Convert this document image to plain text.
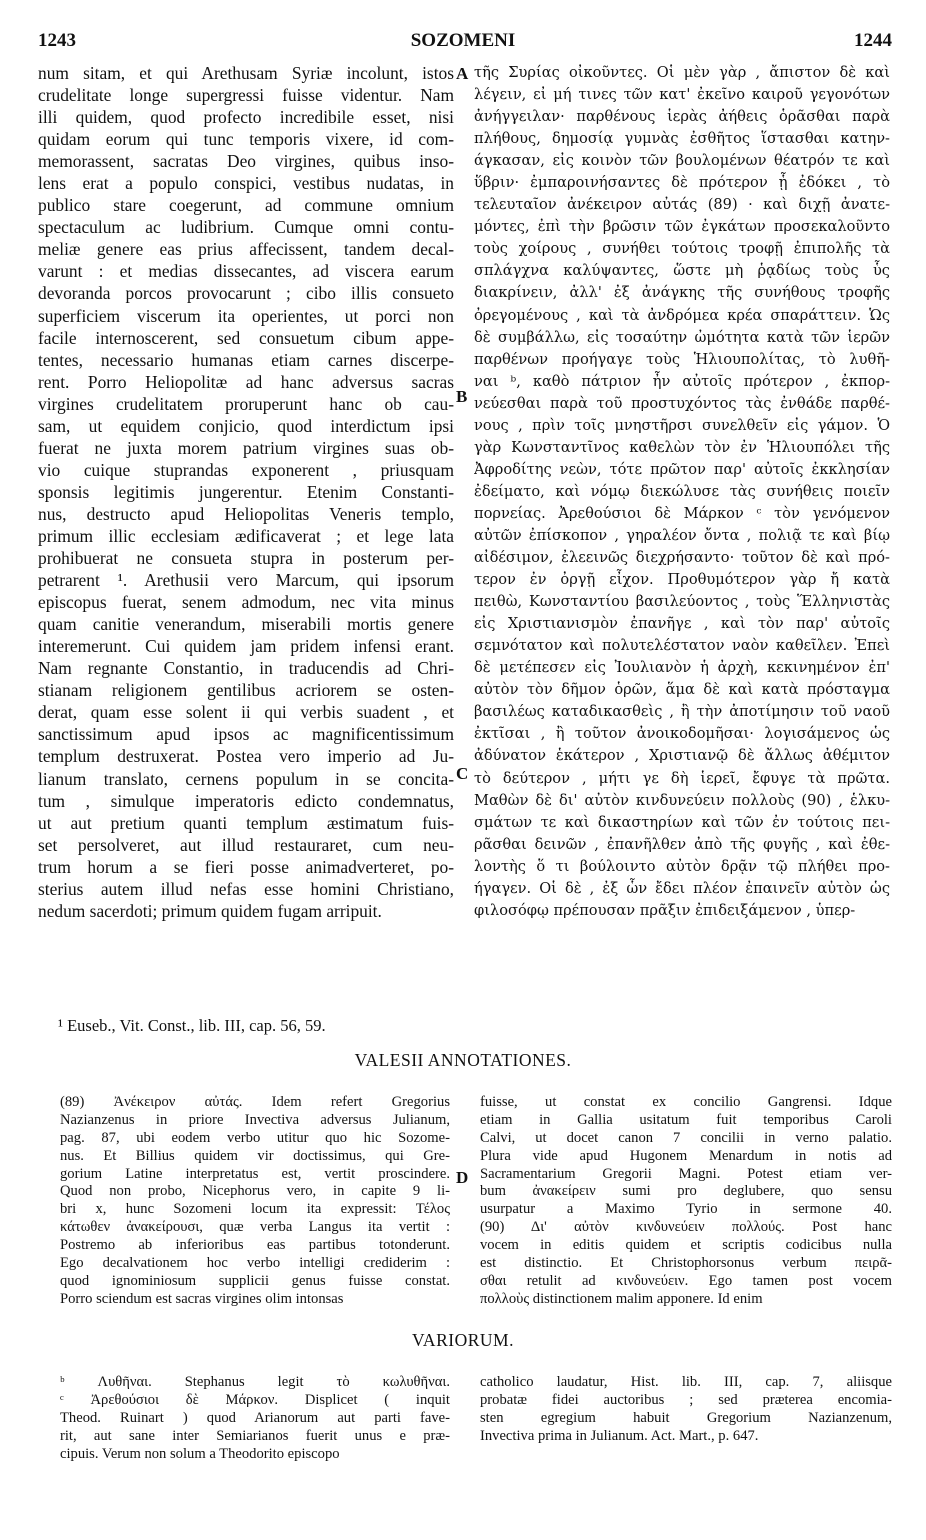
1243	SOZOMENI	1244
num sitam, et qui Arethusam Syriæ incolunt, istos
crudelitate longe supergressi fuisse videntur. Nam
illi quidem, quod profecto incredibile esset, nisi
quidam eorum qui tunc temporis vixere, id com-
memorassent, sacratas Deo virgines, quibus inso-
lens erat a populo conspici, vestibus nudatas, in
publico stare coegerunt, ad commune omnium
spectaculum ac ludibrium. Cumque omni contu-
meliæ genere eas prius affecissent, tandem decal-
varunt : et medias dissecantes, ad viscera earum
devoranda porcos provocarunt ; cibo illis consueto
superficiem viscerum ita operientes, ut porci non
facile internoscerent, sed consuetum cibum appe-
tentes, necessario humanas etiam carnes discerpe-
rent. Porro Heliopolitæ ad hanc adversus sacras
virgines crudelitatem proruperunt hanc ob cau-
sam, ut equidem conjicio, quod interdictum ipsi
fuerat ne juxta morem patrium virgines suas ob-
vio cuique stuprandas exponerent , priusquam
sponsis legitimis jungerentur. Etenim Constanti-
nus, destructo apud Heliopolitas Veneris templo,
primum illic ecclesiam ædificaverat ; et lege lata
prohibuerat ne consueta stupra in posterum per-
petrarent ¹. Arethusii vero Marcum, qui ipsorum
episcopus fuerat, senem admodum, nec vita minus
quam canitie venerandum, miserabili mortis genere
interemerunt. Cui quidem jam pridem infensi erant.
Nam regnante Constantio, in traducendis ad Chri-
stianam religionem gentilibus acriorem se osten-
derat, quam esse solent ii qui verbis suadent , et
sanctissimum apud ipsos ac magnificentissimum
templum destruxerat. Postea vero imperio ad Ju-
lianum translato, cernens populum in se concita-
tum , simulque imperatoris edicto condemnatus,
ut aut pretium quanti templum æstimatum fuis-
set persolveret, aut illud restauraret, cum neu-
trum horum a se fieri posse animadverteret, po-
sterius autem illud nefas esse homini Christiano,
nedum sacerdoti; primum quidem fugam arripuit.
τῆς Συρίας οἰκοῦντες. Οἱ μὲν γὰρ , ἄπιστον δὲ καὶ
λέγειν, εἰ μή τινες τῶν κατ' ἐκεῖνο καιροῦ γεγονότων
ἀνήγγειλαν· παρθένους ἱερὰς ἀήθεις ὁρᾶσθαι παρὰ
πλήθους, δημοσίᾳ γυμνὰς ἐσθῆτος ἵστασθαι κατην-
άγκασαν, εἰς κοινὸν τῶν βουλομένων θέατρόν τε καὶ
ὕβριν· ἐμπαροινήσαντες δὲ πρότερον ᾗ ἐδόκει , τὸ
τελευταῖον ἀνέκειρον αὐτάς (89) · καὶ διχῇ ἀνατε-
μόντες, ἐπὶ τὴν βρῶσιν τῶν ἐγκάτων προσεκαλοῦντο
τοὺς χοίρους , συνήθει τούτοις τροφῇ ἐπιπολῆς τὰ
σπλάγχνα καλύψαντες, ὥστε μὴ ῥᾳδίως τοὺς ὗς
διακρίνειν, ἀλλ' ἐξ ἀνάγκης τῆς συνήθους τροφῆς
ὀρεγομένους , καὶ τὰ ἀνδρόμεα κρέα σπαράττειν. Ὡς
δὲ συμβάλλω, εἰς τοσαύτην ὠμότητα κατὰ τῶν ἱερῶν
παρθένων προήγαγε τοὺς Ἡλιουπολίτας, τὸ λυθῆ-
ναι ᵇ, καθὸ πάτριον ἦν αὐτοῖς πρότερον , ἐκπορ-
νεύεσθαι παρὰ τοῦ προστυχόντος τὰς ἐνθάδε παρθέ-
νους , πρὶν τοῖς μνηστῆρσι συνελθεῖν εἰς γάμον. Ὁ
γὰρ Κωνσταντῖνος καθελὼν τὸν ἐν Ἡλιουπόλει τῆς
Ἀφροδίτης νεὼν, τότε πρῶτον παρ' αὐτοῖς ἐκκλησίαν
ἐδείματο, καὶ νόμῳ διεκώλυσε τὰς συνήθεις ποιεῖν
πορνείας. Ἀρεθούσιοι δὲ Μάρκον ᶜ τὸν γενόμενον
αὐτῶν ἐπίσκοπον , γηραλέον ὄντα , πολιᾷ τε καὶ βίῳ
αἰδέσιμον, ἐλεεινῶς διεχρήσαντο· τοῦτον δὲ καὶ πρό-
τερον ἐν ὀργῇ εἶχον. Προθυμότερον γὰρ ἤ κατὰ
πειθὼ, Κωνσταντίου βασιλεύοντος , τοὺς Ἕλληνιστὰς
εἰς Χριστιανισμὸν ἐπανῆγε , καὶ τὸν παρ' αὐτοῖς
σεμνότατον καὶ πολυτελέστατον ναὸν καθεῖλεν. Ἐπεὶ
δὲ μετέπεσεν εἰς Ἰουλιανὸν ἡ ἀρχὴ, κεκινημένον ἐπ'
αὐτὸν τὸν δῆμον ὁρῶν, ἅμα δὲ καὶ κατὰ πρόσταγμα
βασιλέως καταδικασθεὶς , ἢ τὴν ἀποτίμησιν τοῦ ναοῦ
ἐκτῖσαι , ἢ τοῦτον ἀνοικοδομῆσαι· λογισάμενος ὡς
ἀδύνατον ἑκάτερον , Χριστιανῷ δὲ ἄλλως ἀθέμιτον
τὸ δεύτερον , μήτι γε δὴ ἱερεῖ, ἔφυγε τὰ πρῶτα.
Μαθὼν δὲ δι' αὐτὸν κινδυνεύειν πολλοὺς (90) , ἑλκυ-
σμάτων τε καὶ δικαστηρίων καὶ τῶν ἐν τούτοις πει-
ρᾶσθαι δεινῶν , ἐπανῆλθεν ἀπὸ τῆς φυγῆς , καὶ ἐθε-
λοντὴς ὅ τι βούλοιντο αὐτὸν δρᾷν τῷ πλήθει προ-
ήγαγεν. Οἱ δὲ , ἐξ ὧν ἔδει πλέον ἐπαινεῖν αὐτὸν ὡς
φιλοσόφῳ πρέπουσαν πρᾶξιν ἐπιδειξάμενον , ὑπερ-
A
B
C
D
¹ Euseb., Vit. Const., lib. III, cap. 56, 59.
VALESII ANNOTATIONES.
(89) Ἀνέκειρον αὐτάς. Idem refert Gregorius
Nazianzenus in priore Invectiva adversus Julianum,
pag. 87, ubi eodem verbo utitur quo hic Sozome-
nus. Et Billius quidem vir doctissimus, qui Gre-
gorium Latine interpretatus est, vertit proscindere.
Quod non probo, Nicephorus vero, in capite 9 li-
bri x, hunc Sozomeni locum ita expressit: Τέλος
κάτωθεν ἀνακείρουσι, quæ verba Langus ita vertit :
Postremo ab inferioribus eas partibus totonderunt.
Ego decalvationem hoc verbo intelligi crediderim :
quod ignominiosum supplicii genus fuisse constat.
Porro sciendum est sacras virgines olim intonsas
fuisse, ut constat ex concilio Gangrensi. Idque
etiam in Gallia usitatum fuit temporibus Caroli
Calvi, ut docet canon 7 concilii in verno palatio.
Plura vide apud Hugonem Menardum in notis ad
Sacramentarium Gregorii Magni. Potest etiam ver-
bum ἀνακείρειν sumi pro deglubere, quo sensu
usurpatur a Maximo Tyrio in sermone 40.
(90) Δι' αὐτὸν κινδυνεύειν πολλούς. Post hanc
vocem in editis quidem et scriptis codicibus nulla
est distinctio. Et Christophorsonus verbum πειρᾶ-
σθαι retulit ad κινδυνεύειν. Ego tamen post vocem
πολλοὺς distinctionem malim apponere. Id enim
VARIORUM.
ᵇ Λυθῆναι. Stephanus legit τὸ κωλυθῆναι.
ᶜ Ἀρεθούσιοι δὲ Μάρκον. Displicet ( inquit
Theod. Ruinart ) quod Arianorum aut parti fave-
rit, aut sane inter Semiarianos fuerit unus e præ-
cipuis. Verum non solum a Theodorito episcopo
catholico laudatur, Hist. lib. III, cap. 7, aliisque
probatæ fidei auctoribus ; sed præterea encomia-
sten egregium habuit Gregorium Nazianzenum,
Invectiva prima in Julianum. Act. Mart., p. 647.
